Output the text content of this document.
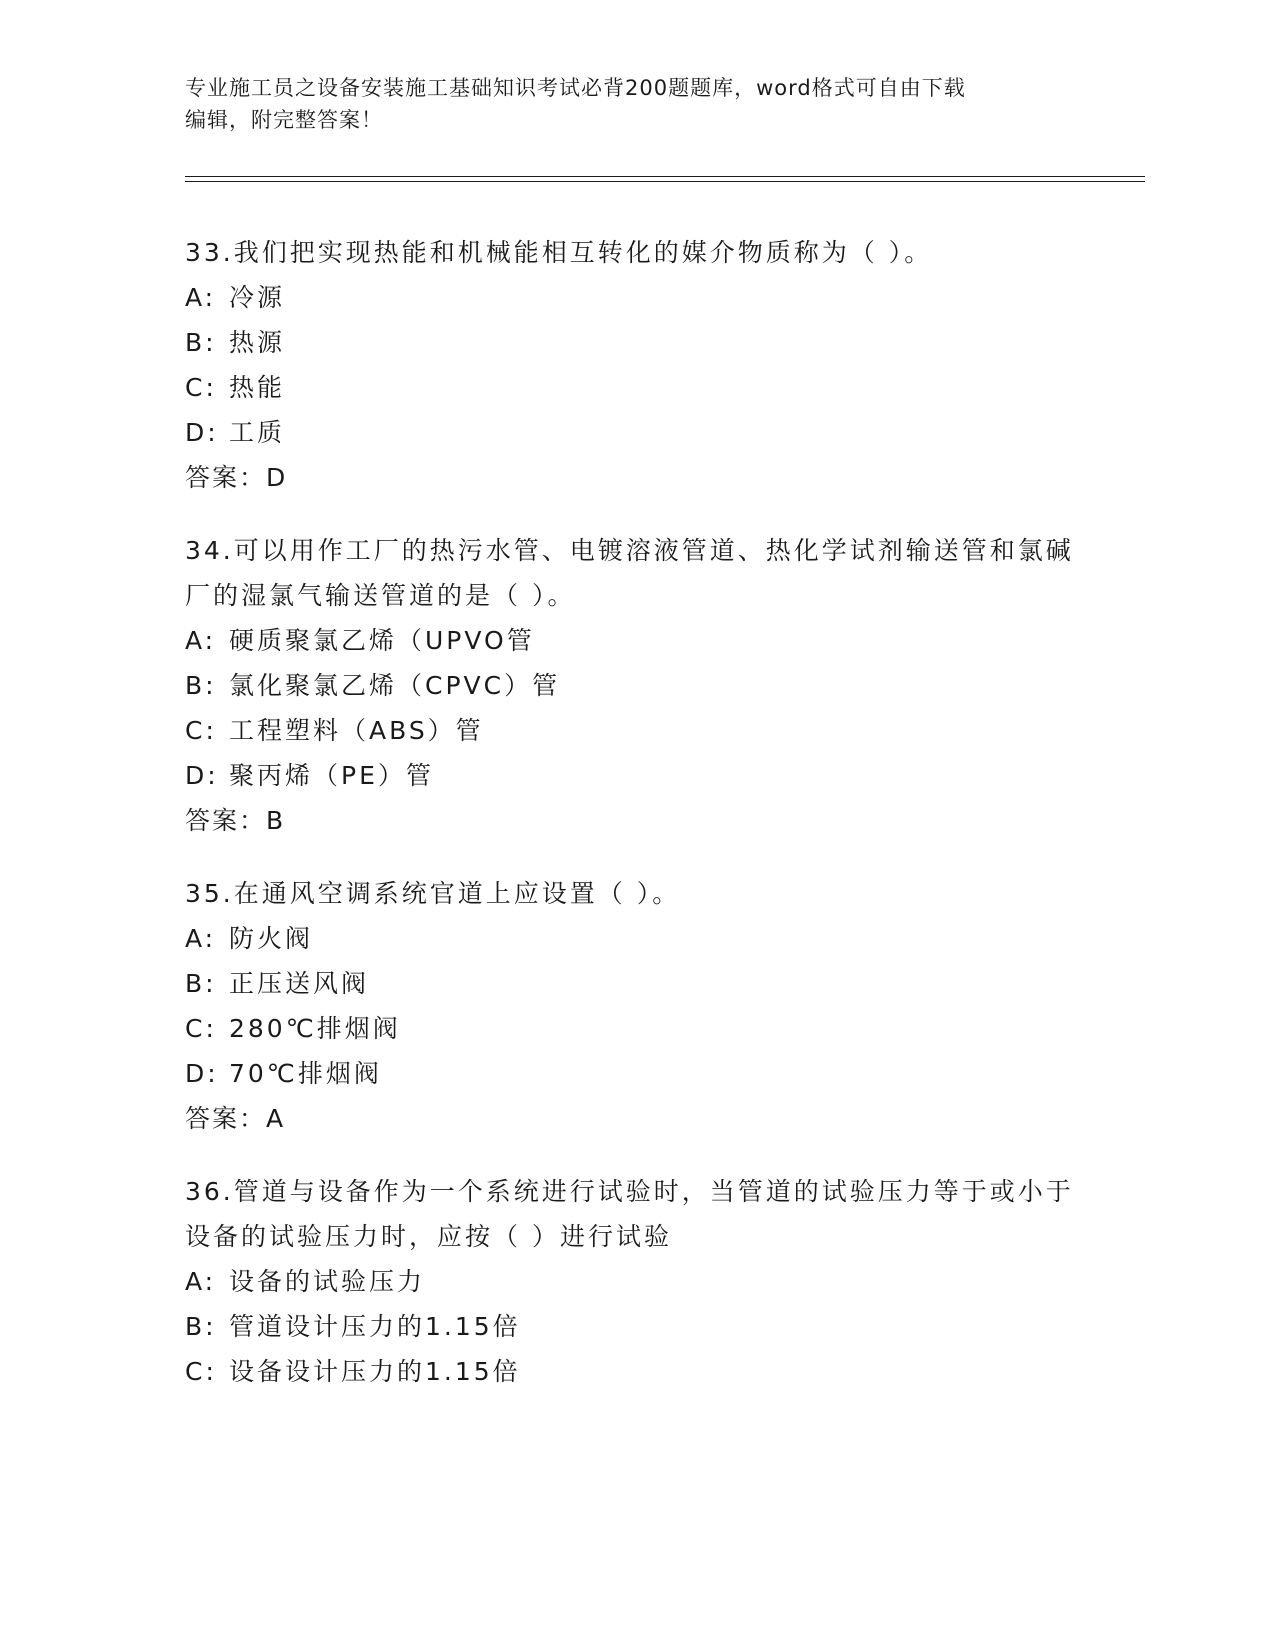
专业施工员之设备安装施工基础知识考试必背200题题库，word格式可自由下载
编辑，附完整答案！
33.我们把实现热能和机械能相互转化的媒介物质称为（ ）。
A: 冷源
B: 热源
C: 热能
D: 工质
答案：D
34.可以用作工厂的热污水管、电镀溶液管道、热化学试剂输送管和氯碱厂的湿氯气输送管道的是（ ）。
A: 硬质聚氯乙烯（UPVO管
B: 氯化聚氯乙烯（CPVC）管
C: 工程塑料（ABS）管
D: 聚丙烯（PE）管
答案：B
35.在通风空调系统官道上应设置（ ）。
A: 防火阀
B: 正压送风阀
C: 280℃排烟阀
D: 70℃排烟阀
答案：A
36.管道与设备作为一个系统进行试验时，当管道的试验压力等于或小于设备的试验压力时，应按（ ）进行试验
A: 设备的试验压力
B: 管道设计压力的1.15倍
C: 设备设计压力的1.15倍
